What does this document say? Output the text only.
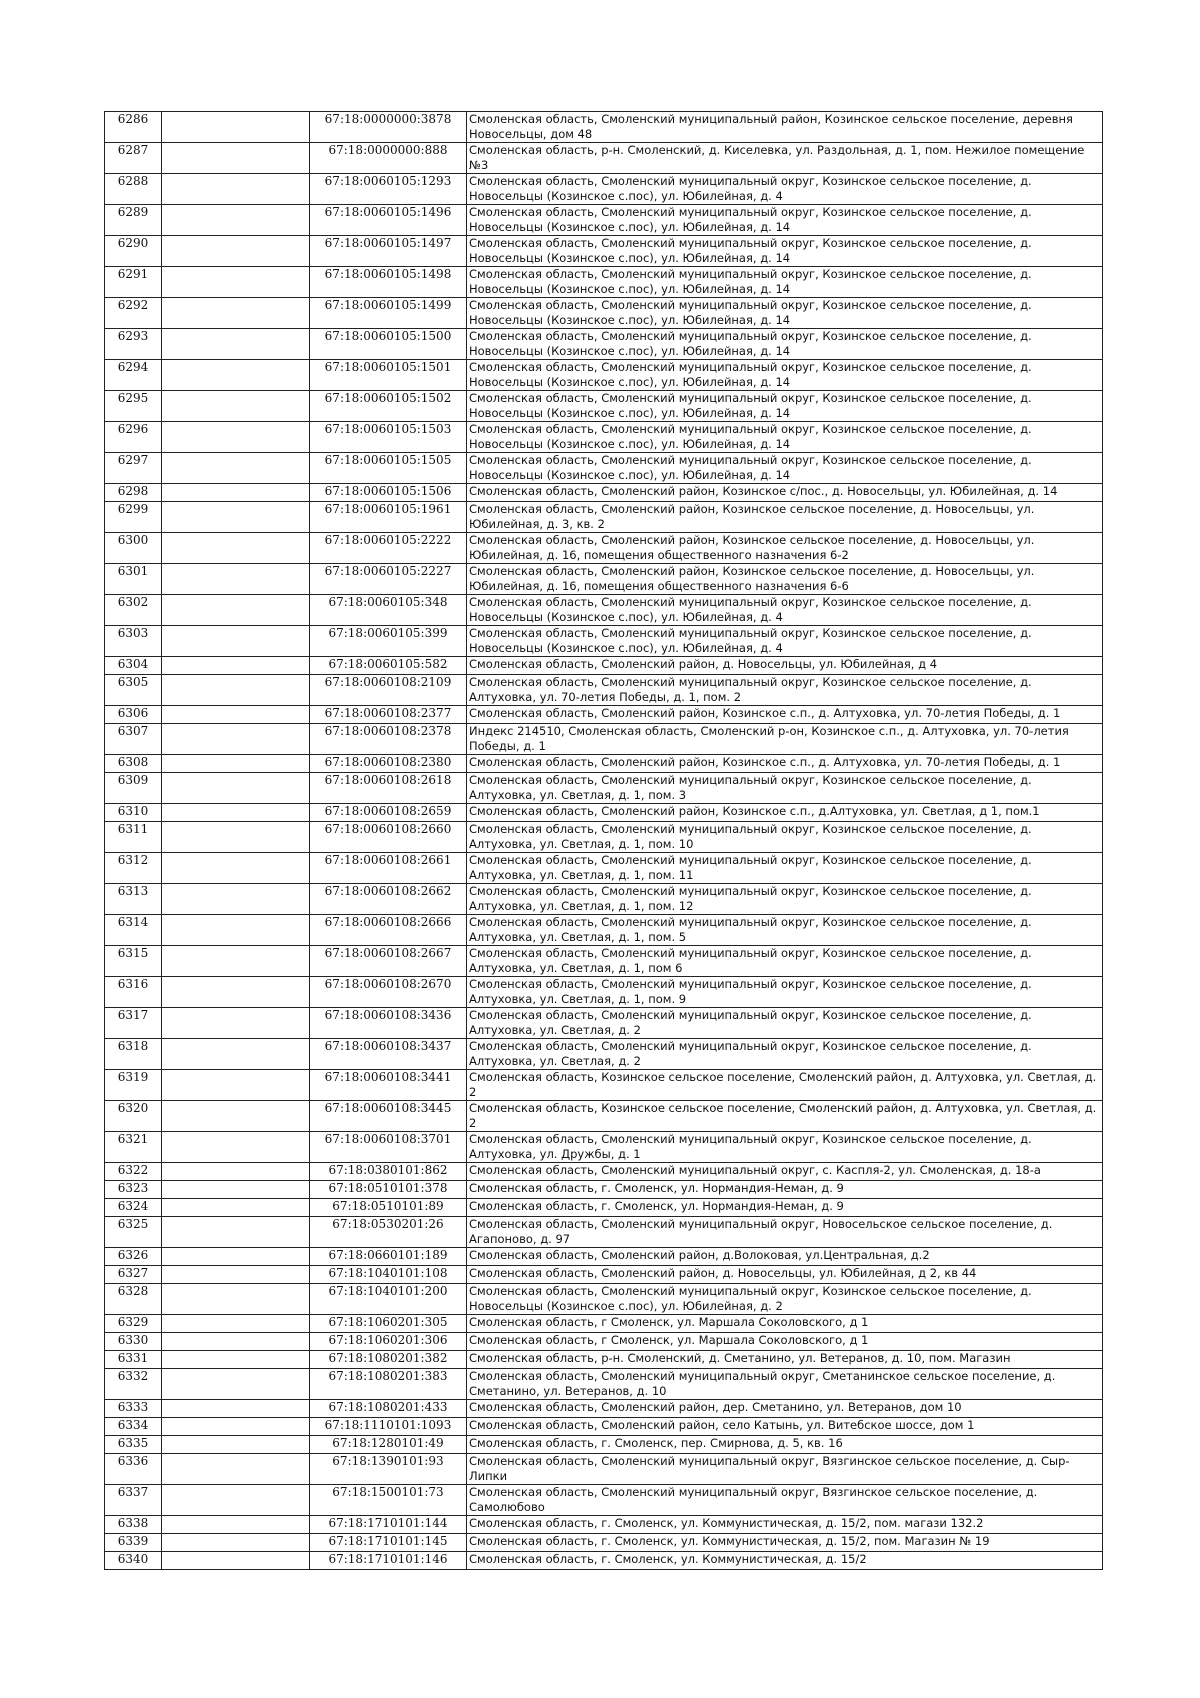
6286		67:18:0000000:3878	Смоленская область, Смоленский муниципальный район, Козинское сельское поселение, деревня Новосельцы, дом 48
6287		67:18:0000000:888	Смоленская область, р-н. Смоленский, д. Киселевка, ул. Раздольная, д. 1, пом. Нежилое помещение №3
6288		67:18:0060105:1293	Смоленская область, Смоленский муниципальный округ, Козинское сельское поселение, д. Новосельцы (Козинское с.пос), ул. Юбилейная, д. 4
6289		67:18:0060105:1496	Смоленская область, Смоленский муниципальный округ, Козинское сельское поселение, д. Новосельцы (Козинское с.пос), ул. Юбилейная, д. 14
6290		67:18:0060105:1497	Смоленская область, Смоленский муниципальный округ, Козинское сельское поселение, д. Новосельцы (Козинское с.пос), ул. Юбилейная, д. 14
6291		67:18:0060105:1498	Смоленская область, Смоленский муниципальный округ, Козинское сельское поселение, д. Новосельцы (Козинское с.пос), ул. Юбилейная, д. 14
6292		67:18:0060105:1499	Смоленская область, Смоленский муниципальный округ, Козинское сельское поселение, д. Новосельцы (Козинское с.пос), ул. Юбилейная, д. 14
6293		67:18:0060105:1500	Смоленская область, Смоленский муниципальный округ, Козинское сельское поселение, д. Новосельцы (Козинское с.пос), ул. Юбилейная, д. 14
6294		67:18:0060105:1501	Смоленская область, Смоленский муниципальный округ, Козинское сельское поселение, д. Новосельцы (Козинское с.пос), ул. Юбилейная, д. 14
6295		67:18:0060105:1502	Смоленская область, Смоленский муниципальный округ, Козинское сельское поселение, д. Новосельцы (Козинское с.пос), ул. Юбилейная, д. 14
6296		67:18:0060105:1503	Смоленская область, Смоленский муниципальный округ, Козинское сельское поселение, д. Новосельцы (Козинское с.пос), ул. Юбилейная, д. 14
6297		67:18:0060105:1505	Смоленская область, Смоленский муниципальный округ, Козинское сельское поселение, д. Новосельцы (Козинское с.пос), ул. Юбилейная, д. 14
6298		67:18:0060105:1506	Смоленская область, Смоленский район, Козинское с/пос., д. Новосельцы, ул. Юбилейная, д. 14
6299		67:18:0060105:1961	Смоленская область, Смоленский район, Козинское сельское поселение, д. Новосельцы, ул. Юбилейная, д. 3, кв. 2
6300		67:18:0060105:2222	Смоленская область, Смоленский район, Козинское сельское поселение, д. Новосельцы, ул. Юбилейная, д. 16, помещения общественного назначения 6-2
6301		67:18:0060105:2227	Смоленская область, Смоленский район, Козинское сельское поселение, д. Новосельцы, ул. Юбилейная, д. 16, помещения общественного назначения 6-6
6302		67:18:0060105:348	Смоленская область, Смоленский муниципальный округ, Козинское сельское поселение, д. Новосельцы (Козинское с.пос), ул. Юбилейная, д. 4
6303		67:18:0060105:399	Смоленская область, Смоленский муниципальный округ, Козинское сельское поселение, д. Новосельцы (Козинское с.пос), ул. Юбилейная, д. 4
6304		67:18:0060105:582	Смоленская область, Смоленский район, д. Новосельцы, ул. Юбилейная, д 4
6305		67:18:0060108:2109	Смоленская область, Смоленский муниципальный округ, Козинское сельское поселение, д. Алтуховка, ул. 70-летия Победы, д. 1, пом. 2
6306		67:18:0060108:2377	Смоленская область, Смоленский район, Козинское с.п., д. Алтуховка, ул. 70-летия Победы, д. 1
6307		67:18:0060108:2378	Индекс 214510, Смоленская область, Смоленский р-он, Козинское с.п., д. Алтуховка, ул. 70-летия Победы, д. 1
6308		67:18:0060108:2380	Смоленская область, Смоленский район, Козинское с.п., д. Алтуховка, ул. 70-летия Победы, д. 1
6309		67:18:0060108:2618	Смоленская область, Смоленский муниципальный округ, Козинское сельское поселение, д. Алтуховка, ул. Светлая, д. 1, пом. 3
6310		67:18:0060108:2659	Смоленская область, Смоленский район, Козинское с.п., д.Алтуховка, ул. Светлая, д 1, пом.1
6311		67:18:0060108:2660	Смоленская область, Смоленский муниципальный округ, Козинское сельское поселение, д. Алтуховка, ул. Светлая, д. 1, пом. 10
6312		67:18:0060108:2661	Смоленская область, Смоленский муниципальный округ, Козинское сельское поселение, д. Алтуховка, ул. Светлая, д. 1, пом. 11
6313		67:18:0060108:2662	Смоленская область, Смоленский муниципальный округ, Козинское сельское поселение, д. Алтуховка, ул. Светлая, д. 1, пом. 12
6314		67:18:0060108:2666	Смоленская область, Смоленский муниципальный округ, Козинское сельское поселение, д. Алтуховка, ул. Светлая, д. 1, пом. 5
6315		67:18:0060108:2667	Смоленская область, Смоленский муниципальный округ, Козинское сельское поселение, д. Алтуховка, ул. Светлая, д. 1, пом 6
6316		67:18:0060108:2670	Смоленская область, Смоленский муниципальный округ, Козинское сельское поселение, д. Алтуховка, ул. Светлая, д. 1, пом. 9
6317		67:18:0060108:3436	Смоленская область, Смоленский муниципальный округ, Козинское сельское поселение, д. Алтуховка, ул. Светлая, д. 2
6318		67:18:0060108:3437	Смоленская область, Смоленский муниципальный округ, Козинское сельское поселение, д. Алтуховка, ул. Светлая, д. 2
6319		67:18:0060108:3441	Смоленская область, Козинское сельское поселение, Смоленский район, д. Алтуховка, ул. Светлая, д. 2
6320		67:18:0060108:3445	Смоленская область, Козинское сельское поселение, Смоленский район, д. Алтуховка, ул. Светлая, д. 2
6321		67:18:0060108:3701	Смоленская область, Смоленский муниципальный округ, Козинское сельское поселение, д. Алтуховка, ул. Дружбы, д. 1
6322		67:18:0380101:862	Смоленская область, Смоленский муниципальный округ, с. Каспля-2, ул. Смоленская, д. 18-а
6323		67:18:0510101:378	Смоленская область, г. Смоленск, ул. Нормандия-Неман, д. 9
6324		67:18:0510101:89	Смоленская область, г. Смоленск, ул. Нормандия-Неман, д. 9
6325		67:18:0530201:26	Смоленская область, Смоленский муниципальный округ, Новосельское сельское поселение, д. Агапоново, д. 97
6326		67:18:0660101:189	Смоленская область, Смоленский район, д.Волоковая, ул.Центральная, д.2
6327		67:18:1040101:108	Смоленская область, Смоленский район, д. Новосельцы, ул. Юбилейная, д 2, кв 44
6328		67:18:1040101:200	Смоленская область, Смоленский муниципальный округ, Козинское сельское поселение, д. Новосельцы (Козинское с.пос), ул. Юбилейная, д. 2
6329		67:18:1060201:305	Смоленская область, г Смоленск, ул. Маршала Соколовского, д 1
6330		67:18:1060201:306	Смоленская область, г Смоленск, ул. Маршала Соколовского, д 1
6331		67:18:1080201:382	Смоленская область, р-н. Смоленский, д. Сметанино, ул. Ветеранов, д. 10, пом. Магазин
6332		67:18:1080201:383	Смоленская область, Смоленский муниципальный округ, Сметанинское сельское поселение, д. Сметанино, ул. Ветеранов, д. 10
6333		67:18:1080201:433	Смоленская область, Смоленский район, дер. Сметанино, ул. Ветеранов, дом 10
6334		67:18:1110101:1093	Смоленская область, Смоленский район, село Катынь, ул. Витебское шоссе, дом 1
6335		67:18:1280101:49	Смоленская область, г. Смоленск, пер. Смирнова, д. 5, кв. 16
6336		67:18:1390101:93	Смоленская область, Смоленский муниципальный округ, Вязгинское сельское поселение, д. Сыр-Липки
6337		67:18:1500101:73	Смоленская область, Смоленский муниципальный округ, Вязгинское сельское поселение, д. Самолюбово
6338		67:18:1710101:144	Смоленская область, г. Смоленск, ул. Коммунистическая, д. 15/2, пом. магази 132.2
6339		67:18:1710101:145	Смоленская область, г. Смоленск, ул. Коммунистическая, д. 15/2, пом. Магазин № 19
6340		67:18:1710101:146	Смоленская область, г. Смоленск, ул. Коммунистическая, д. 15/2
